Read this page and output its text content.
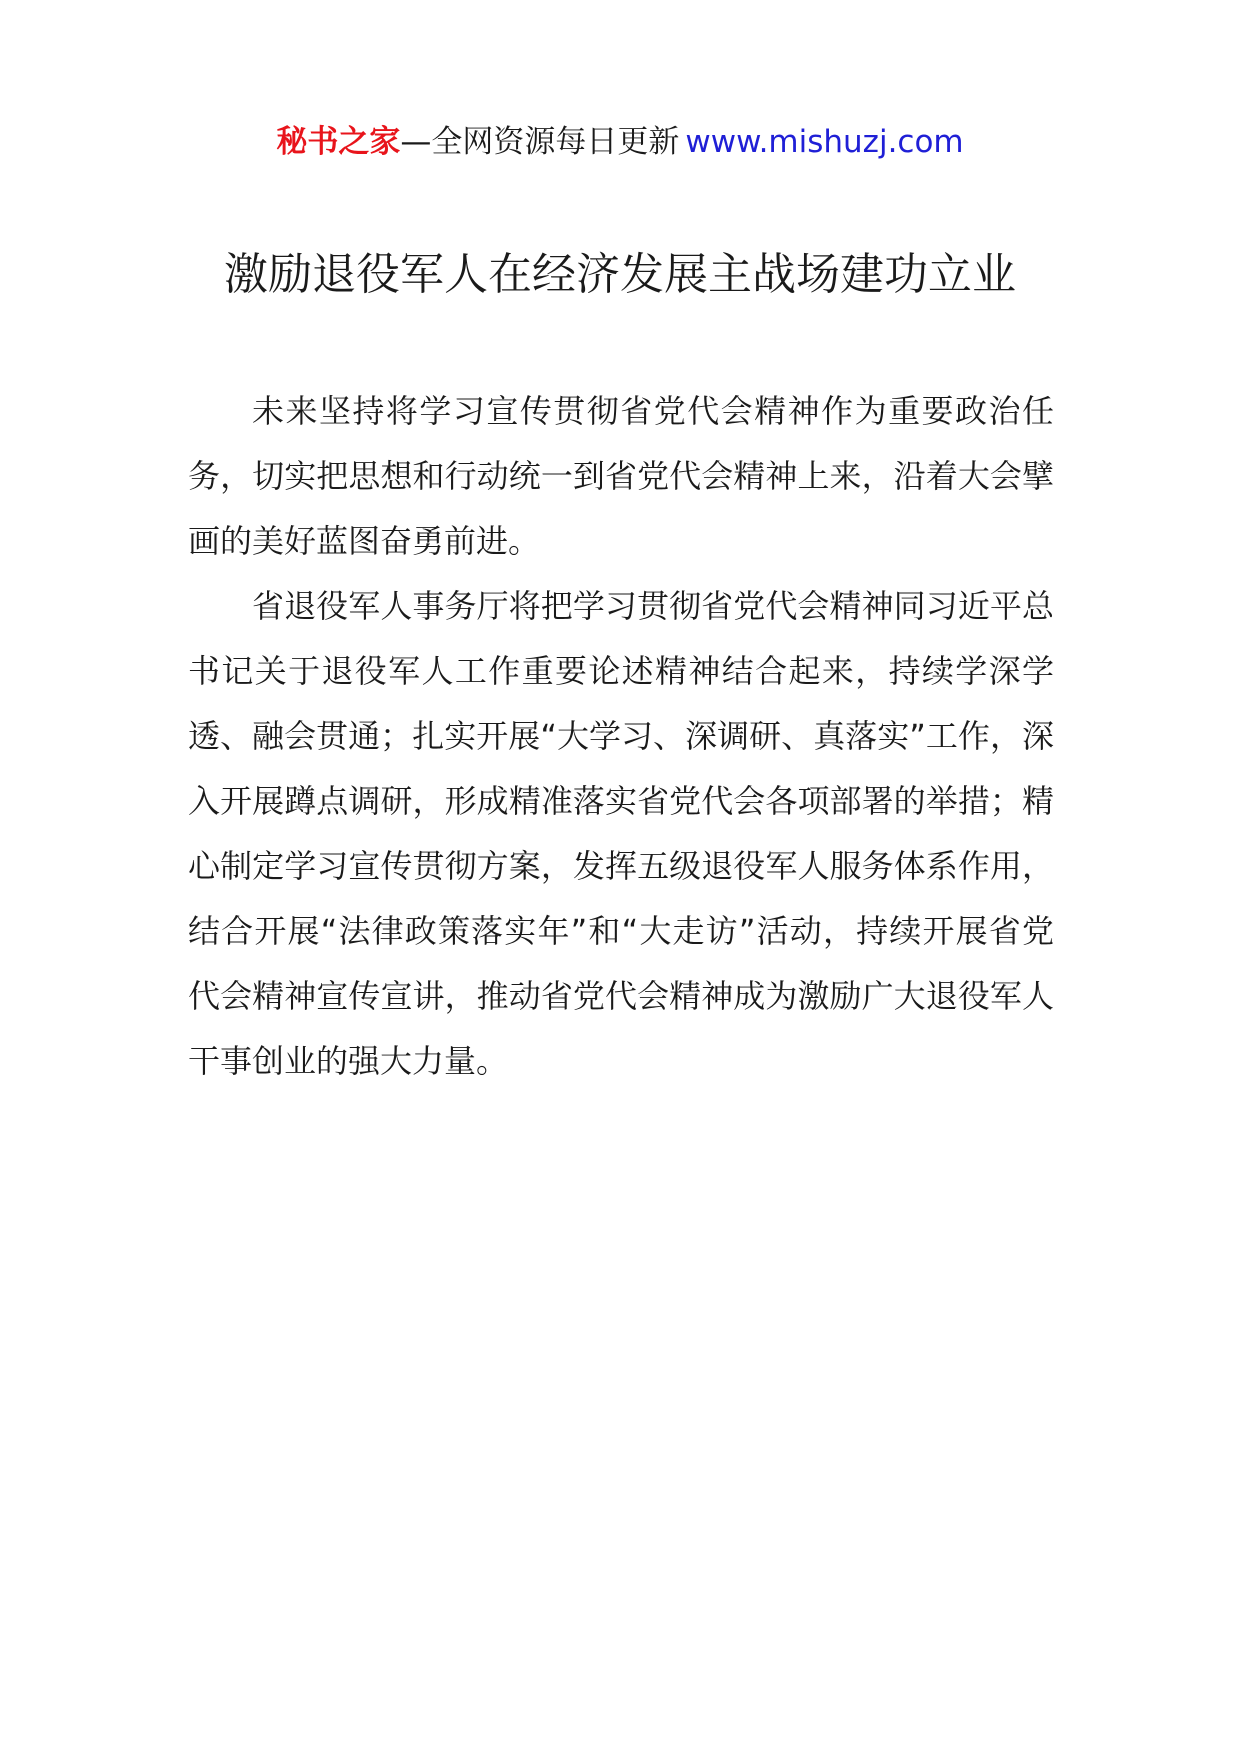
秘书之家—全网资源每日更新 www.mishuzj.com
激励退役军人在经济发展主战场建功立业

未来坚持将学习宣传贯彻省党代会精神作为重要政治任务，切实把思想和行动统一到省党代会精神上来，沿着大会擘画的美好蓝图奋勇前进。

省退役军人事务厅将把学习贯彻省党代会精神同习近平总书记关于退役军人工作重要论述精神结合起来，持续学深学透、融会贯通；扎实开展“大学习、深调研、真落实”工作，深入开展蹲点调研，形成精准落实省党代会各项部署的举措；精心制定学习宣传贯彻方案，发挥五级退役军人服务体系作用，结合开展“法律政策落实年”和“大走访”活动，持续开展省党代会精神宣传宣讲，推动省党代会精神成为激励广大退役军人干事创业的强大力量。
